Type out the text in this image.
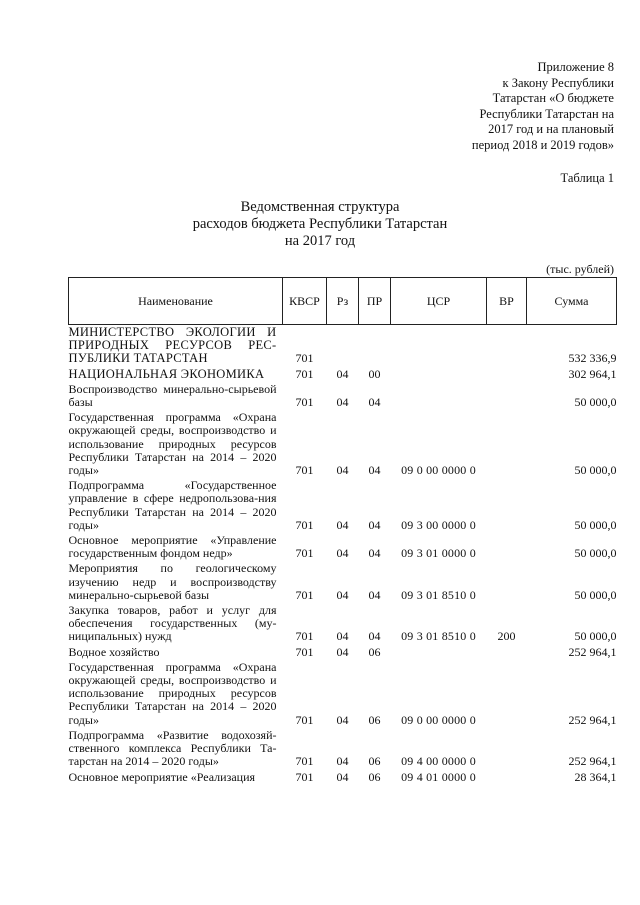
Приложение 8
к Закону Республики
Татарстан «О бюджете
Республики Татарстан на
2017 год и на плановый
период 2018 и 2019 годов»
Таблица 1
Ведомственная структура
расходов бюджета Республики Татарстан
на 2017 год
(тыс. рублей)
Наименование	КВСР	Рз	ПР	ЦСР	ВР	Сумма
МИНИСТЕРСТВО ЭКОЛОГИИ И ПРИРОДНЫХ РЕСУРСОВ РЕС-ПУБЛИКИ ТАТАРСТАН	701					532 336,9
НАЦИОНАЛЬНАЯ ЭКОНОМИКА	701	04	00			302 964,1
Воспроизводство минерально-сырьевой базы	701	04	04			50 000,0
Государственная программа «Охрана окружающей среды, воспроизводство и использование природных ресурсов Республики Татарстан на 2014 – 2020 годы»	701	04	04	09 0 00 0000 0		50 000,0
Подпрограмма «Государственное управление в сфере недропользова-ния Республики Татарстан на 2014 – 2020 годы»	701	04	04	09 3 00 0000 0		50 000,0
Основное мероприятие «Управление государственным фондом недр»	701	04	04	09 3 01 0000 0		50 000,0
Мероприятия по геологическому изучению недр и воспроизводству минерально-сырьевой базы	701	04	04	09 3 01 8510 0		50 000,0
Закупка товаров, работ и услуг для обеспечения государственных (му-ниципальных) нужд	701	04	04	09 3 01 8510 0	200	50 000,0
Водное хозяйство	701	04	06			252 964,1
Государственная программа «Охрана окружающей среды, воспроизводство и использование природных ресурсов Республики Татарстан на 2014 – 2020 годы»	701	04	06	09 0 00 0000 0		252 964,1
Подпрограмма «Развитие водохозяй-ственного комплекса Республики Та-тарстан на 2014 – 2020 годы»	701	04	06	09 4 00 0000 0		252 964,1
Основное мероприятие «Реализация	701	04	06	09 4 01 0000 0		28 364,1
